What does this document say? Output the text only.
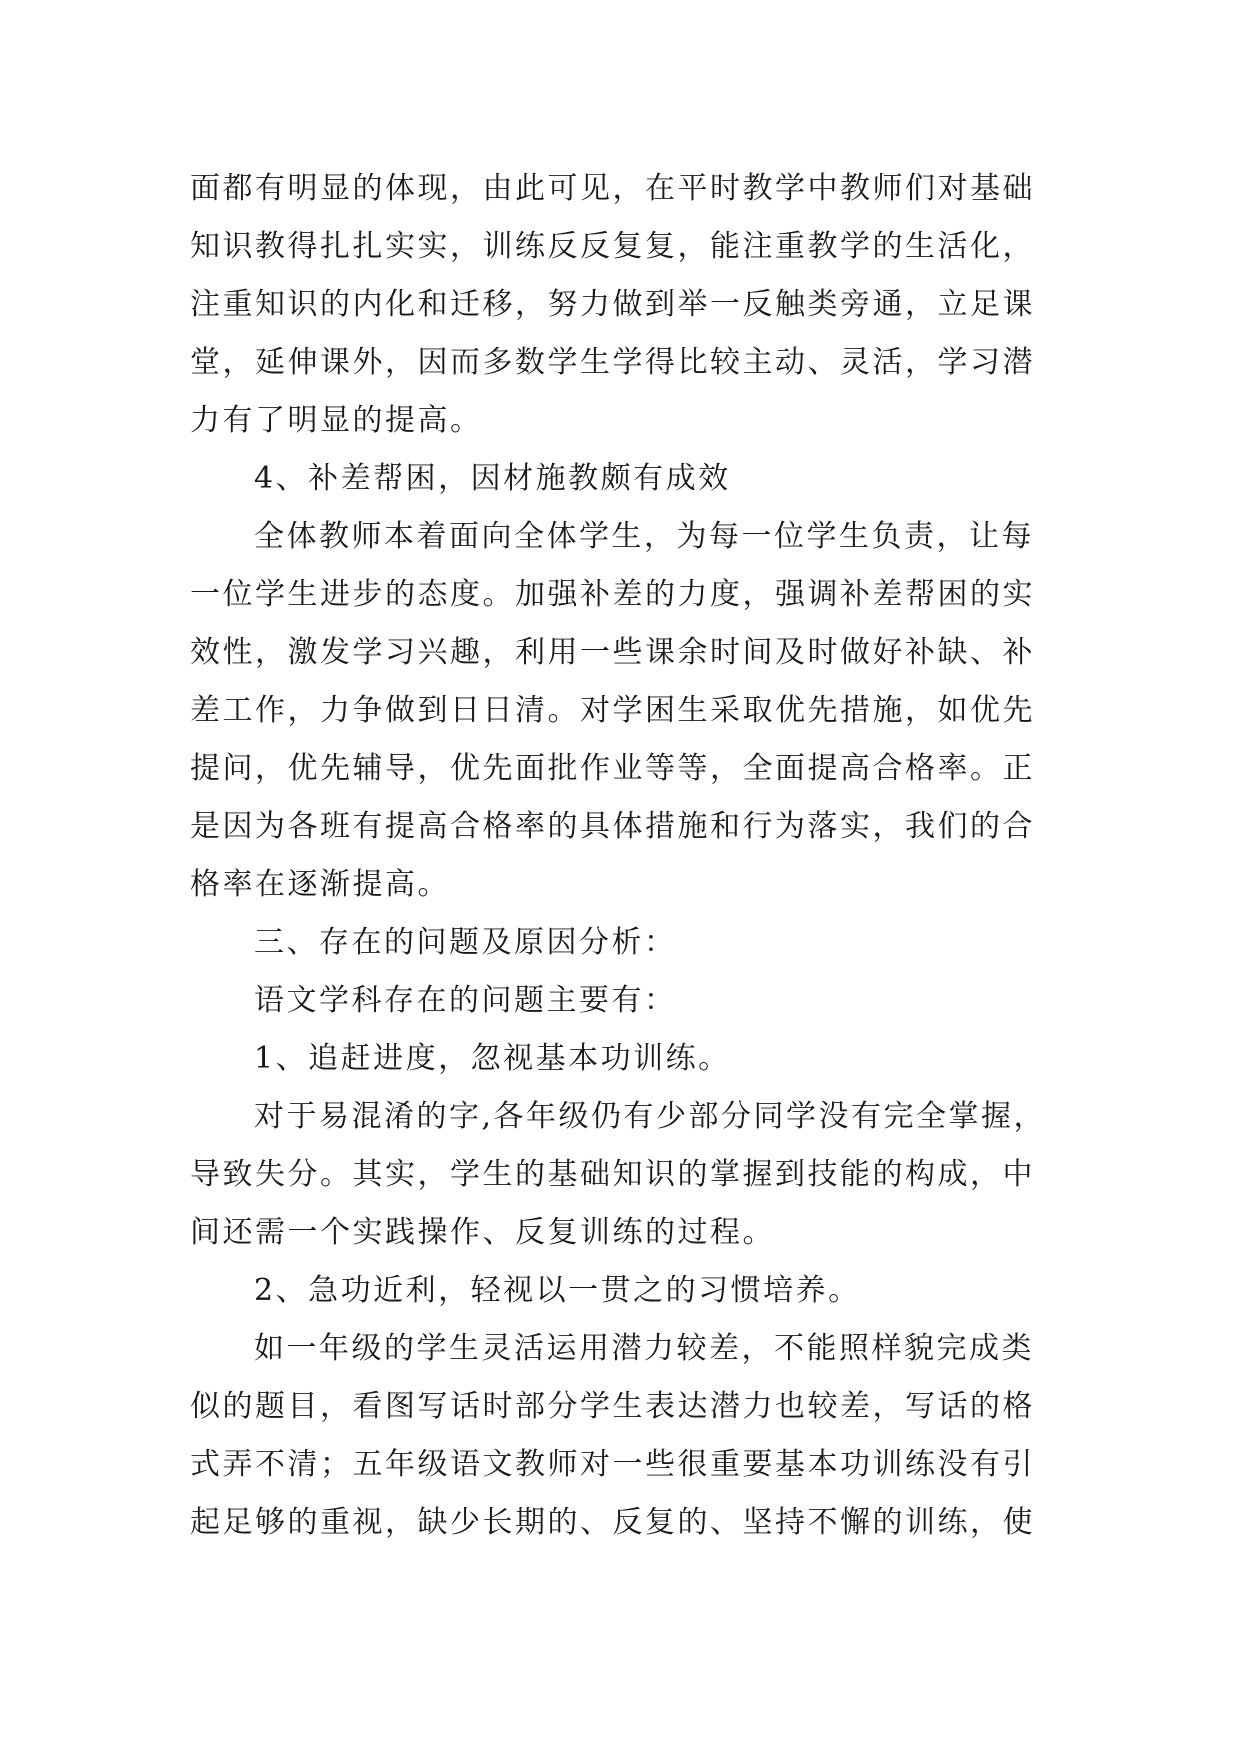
面都有明显的体现，由此可见，在平时教学中教师们对基础
知识教得扎扎实实，训练反反复复，能注重教学的生活化，
注重知识的内化和迁移，努力做到举一反触类旁通，立足课
堂，延伸课外，因而多数学生学得比较主动、灵活，学习潜
力有了明显的提高。
4、补差帮困，因材施教颇有成效
全体教师本着面向全体学生，为每一位学生负责，让每
一位学生进步的态度。加强补差的力度，强调补差帮困的实
效性，激发学习兴趣，利用一些课余时间及时做好补缺、补
差工作，力争做到日日清。对学困生采取优先措施，如优先
提问，优先辅导，优先面批作业等等，全面提高合格率。正
是因为各班有提高合格率的具体措施和行为落实，我们的合
格率在逐渐提高。
三、存在的问题及原因分析：
语文学科存在的问题主要有：
1、追赶进度，忽视基本功训练。
对于易混淆的字,各年级仍有少部分同学没有完全掌握，
导致失分。其实，学生的基础知识的掌握到技能的构成，中
间还需一个实践操作、反复训练的过程。
2、急功近利，轻视以一贯之的习惯培养。
如一年级的学生灵活运用潜力较差，不能照样貌完成类
似的题目，看图写话时部分学生表达潜力也较差，写话的格
式弄不清；五年级语文教师对一些很重要基本功训练没有引
起足够的重视，缺少长期的、反复的、坚持不懈的训练，使
